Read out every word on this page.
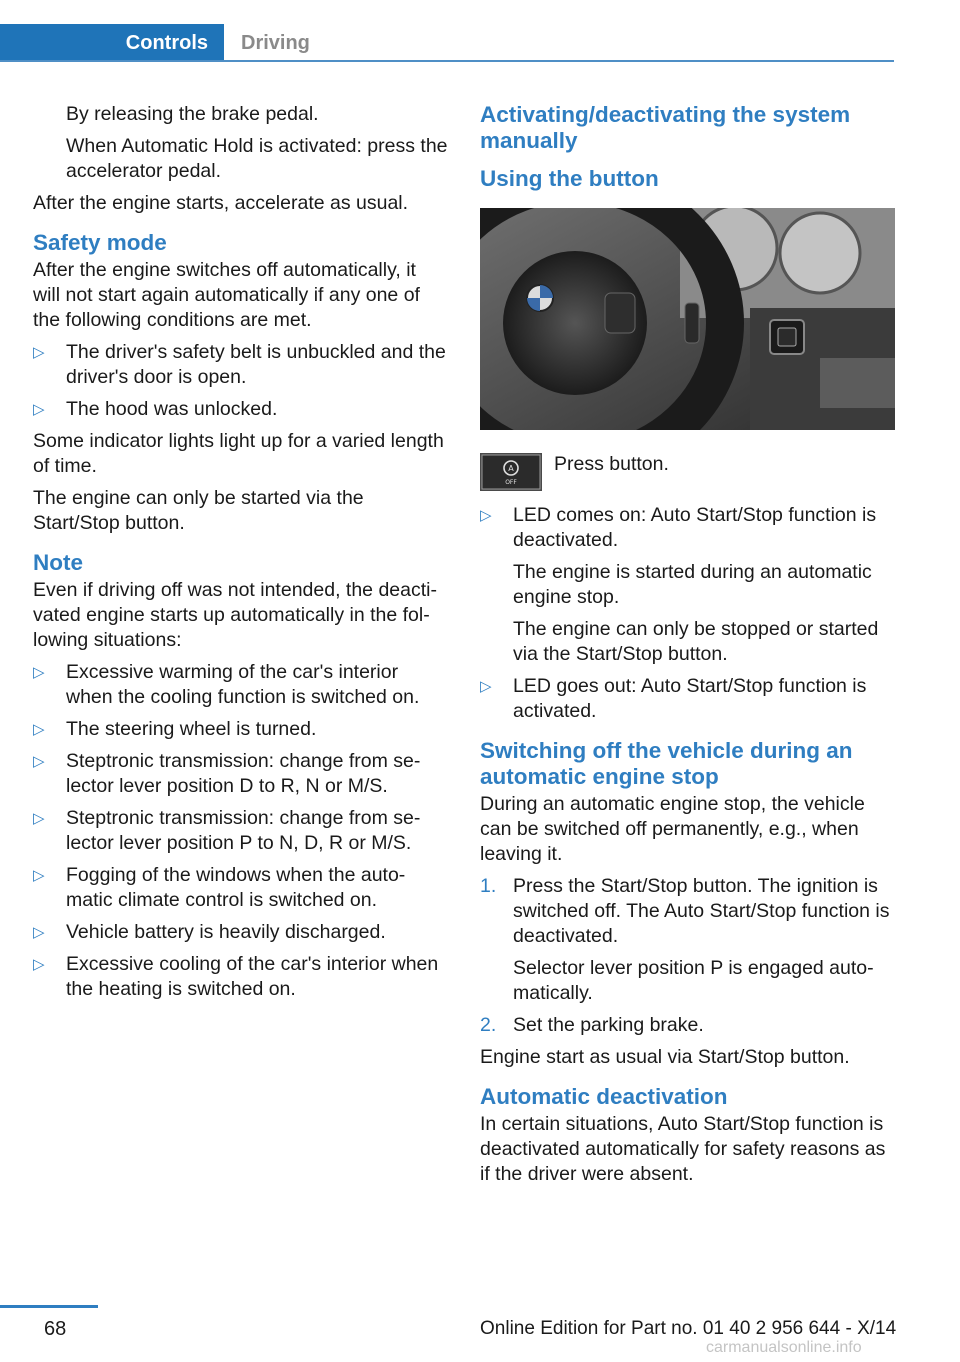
Controls	Driving

By releasing the brake pedal.

When Automatic Hold is activated: press the accelerator pedal.

After the engine starts, accelerate as usual.

Safety mode

After the engine switches off automatically, it will not start again automatically if any one of the following conditions are met.

▷ The driver's safety belt is unbuckled and the driver's door is open.
▷ The hood was unlocked.

Some indicator lights light up for a varied length of time.

The engine can only be started via the Start/Stop button.

Note

Even if driving off was not intended, the deacti‐vated engine starts up automatically in the fol‐lowing situations:

▷ Excessive warming of the car's interior when the cooling function is switched on.
▷ The steering wheel is turned.
▷ Steptronic transmission: change from se‐lector lever position D to R, N or M/S.
▷ Steptronic transmission: change from se‐lector lever position P to N, D, R or M/S.
▷ Fogging of the windows when the auto‐matic climate control is switched on.
▷ Vehicle battery is heavily discharged.
▷ Excessive cooling of the car's interior when the heating is switched on.
Activating/deactivating the system manually
Using the button
A
OFF

Press button.

▷ LED comes on: Auto Start/Stop function is deactivated.
The engine is started during an automatic engine stop.
The engine can only be stopped or started via the Start/Stop button.
▷ LED goes out: Auto Start/Stop function is activated.
Switching off the vehicle during an automatic engine stop

During an automatic engine stop, the vehicle can be switched off permanently, e.g., when leaving it.

1. Press the Start/Stop button. The ignition is switched off. The Auto Start/Stop function is deactivated.
Selector lever position P is engaged auto‐matically.
2. Set the parking brake.

Engine start as usual via Start/Stop button.

Automatic deactivation

In certain situations, Auto Start/Stop function is deactivated automatically for safety reasons as if the driver were absent.

68	Online Edition for Part no. 01 40 2 956 644 - X/14
carmanualsonline.info
